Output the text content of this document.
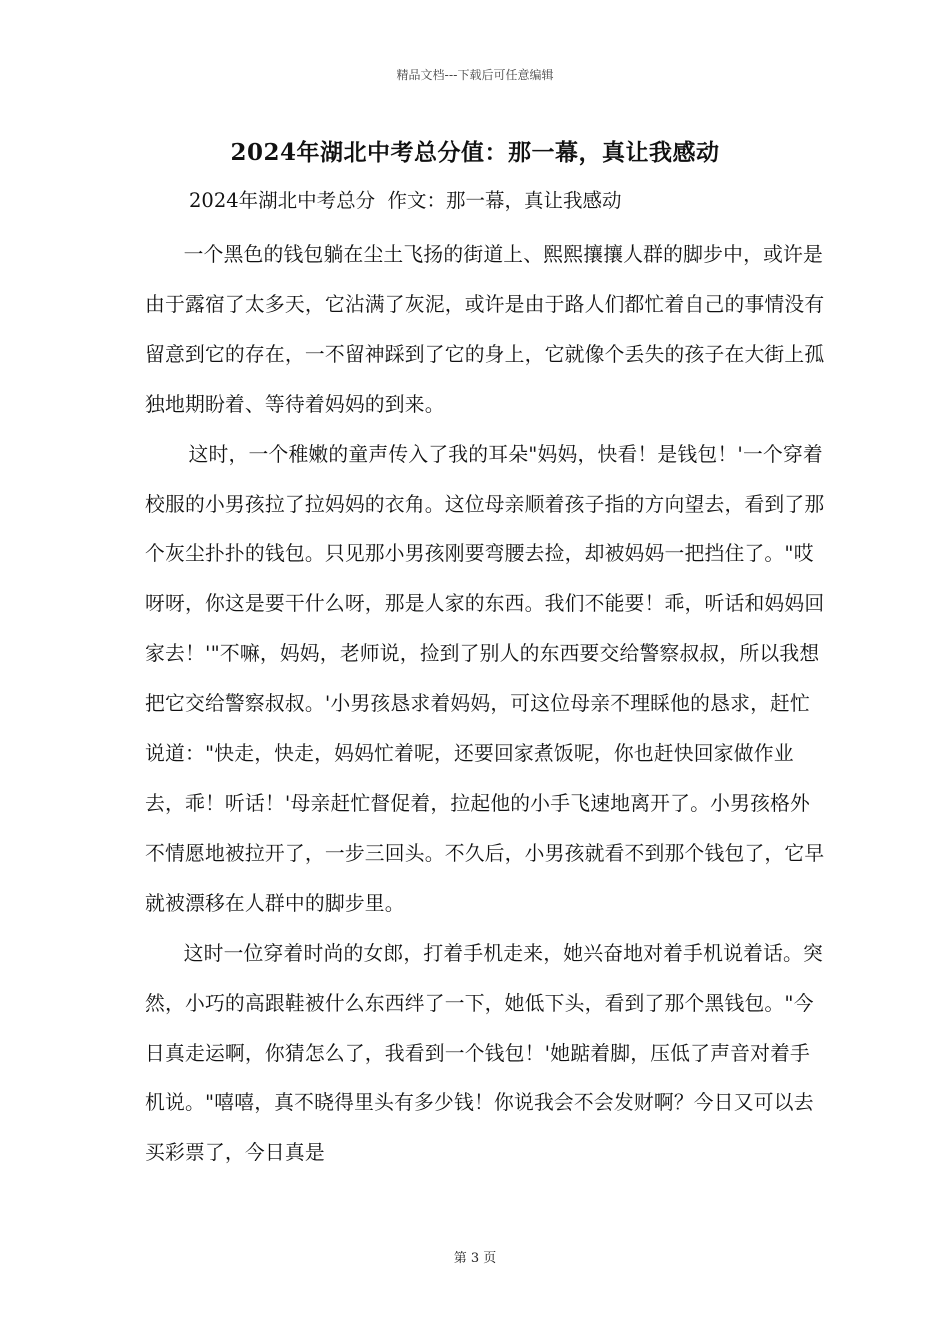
精品文档---下载后可任意编辑
2024年湖北中考总分值：那一幕，真让我感动
2024年湖北中考总分  作文：那一幕，真让我感动

一个黑色的钱包躺在尘土飞扬的街道上、熙熙攘攘人群的脚步中，或许是由于露宿了太多天，它沾满了灰泥，或许是由于路人们都忙着自己的事情没有留意到它的存在，一不留神踩到了它的身上，它就像个丢失的孩子在大街上孤独地期盼着、等待着妈妈的到来。

这时，一个稚嫩的童声传入了我的耳朵"妈妈，快看！是钱包！'一个穿着校服的小男孩拉了拉妈妈的衣角。这位母亲顺着孩子指的方向望去，看到了那个灰尘扑扑的钱包。只见那小男孩刚要弯腰去捡，却被妈妈一把挡住了。"哎呀呀，你这是要干什么呀，那是人家的东西。我们不能要！乖，听话和妈妈回家去！'"不嘛，妈妈，老师说，捡到了别人的东西要交给警察叔叔，所以我想把它交给警察叔叔。'小男孩恳求着妈妈，可这位母亲不理睬他的恳求，赶忙说道："快走，快走，妈妈忙着呢，还要回家煮饭呢，你也赶快回家做作业去，乖！听话！'母亲赶忙督促着，拉起他的小手飞速地离开了。小男孩格外不情愿地被拉开了，一步三回头。不久后，小男孩就看不到那个钱包了，它早就被漂移在人群中的脚步里。

这时一位穿着时尚的女郎，打着手机走来，她兴奋地对着手机说着话。突然，小巧的高跟鞋被什么东西绊了一下，她低下头，看到了那个黑钱包。"今日真走运啊，你猜怎么了，我看到一个钱包！'她踮着脚，压低了声音对着手机说。"嘻嘻，真不晓得里头有多少钱！你说我会不会发财啊？今日又可以去买彩票了，今日真是

第 3 页
